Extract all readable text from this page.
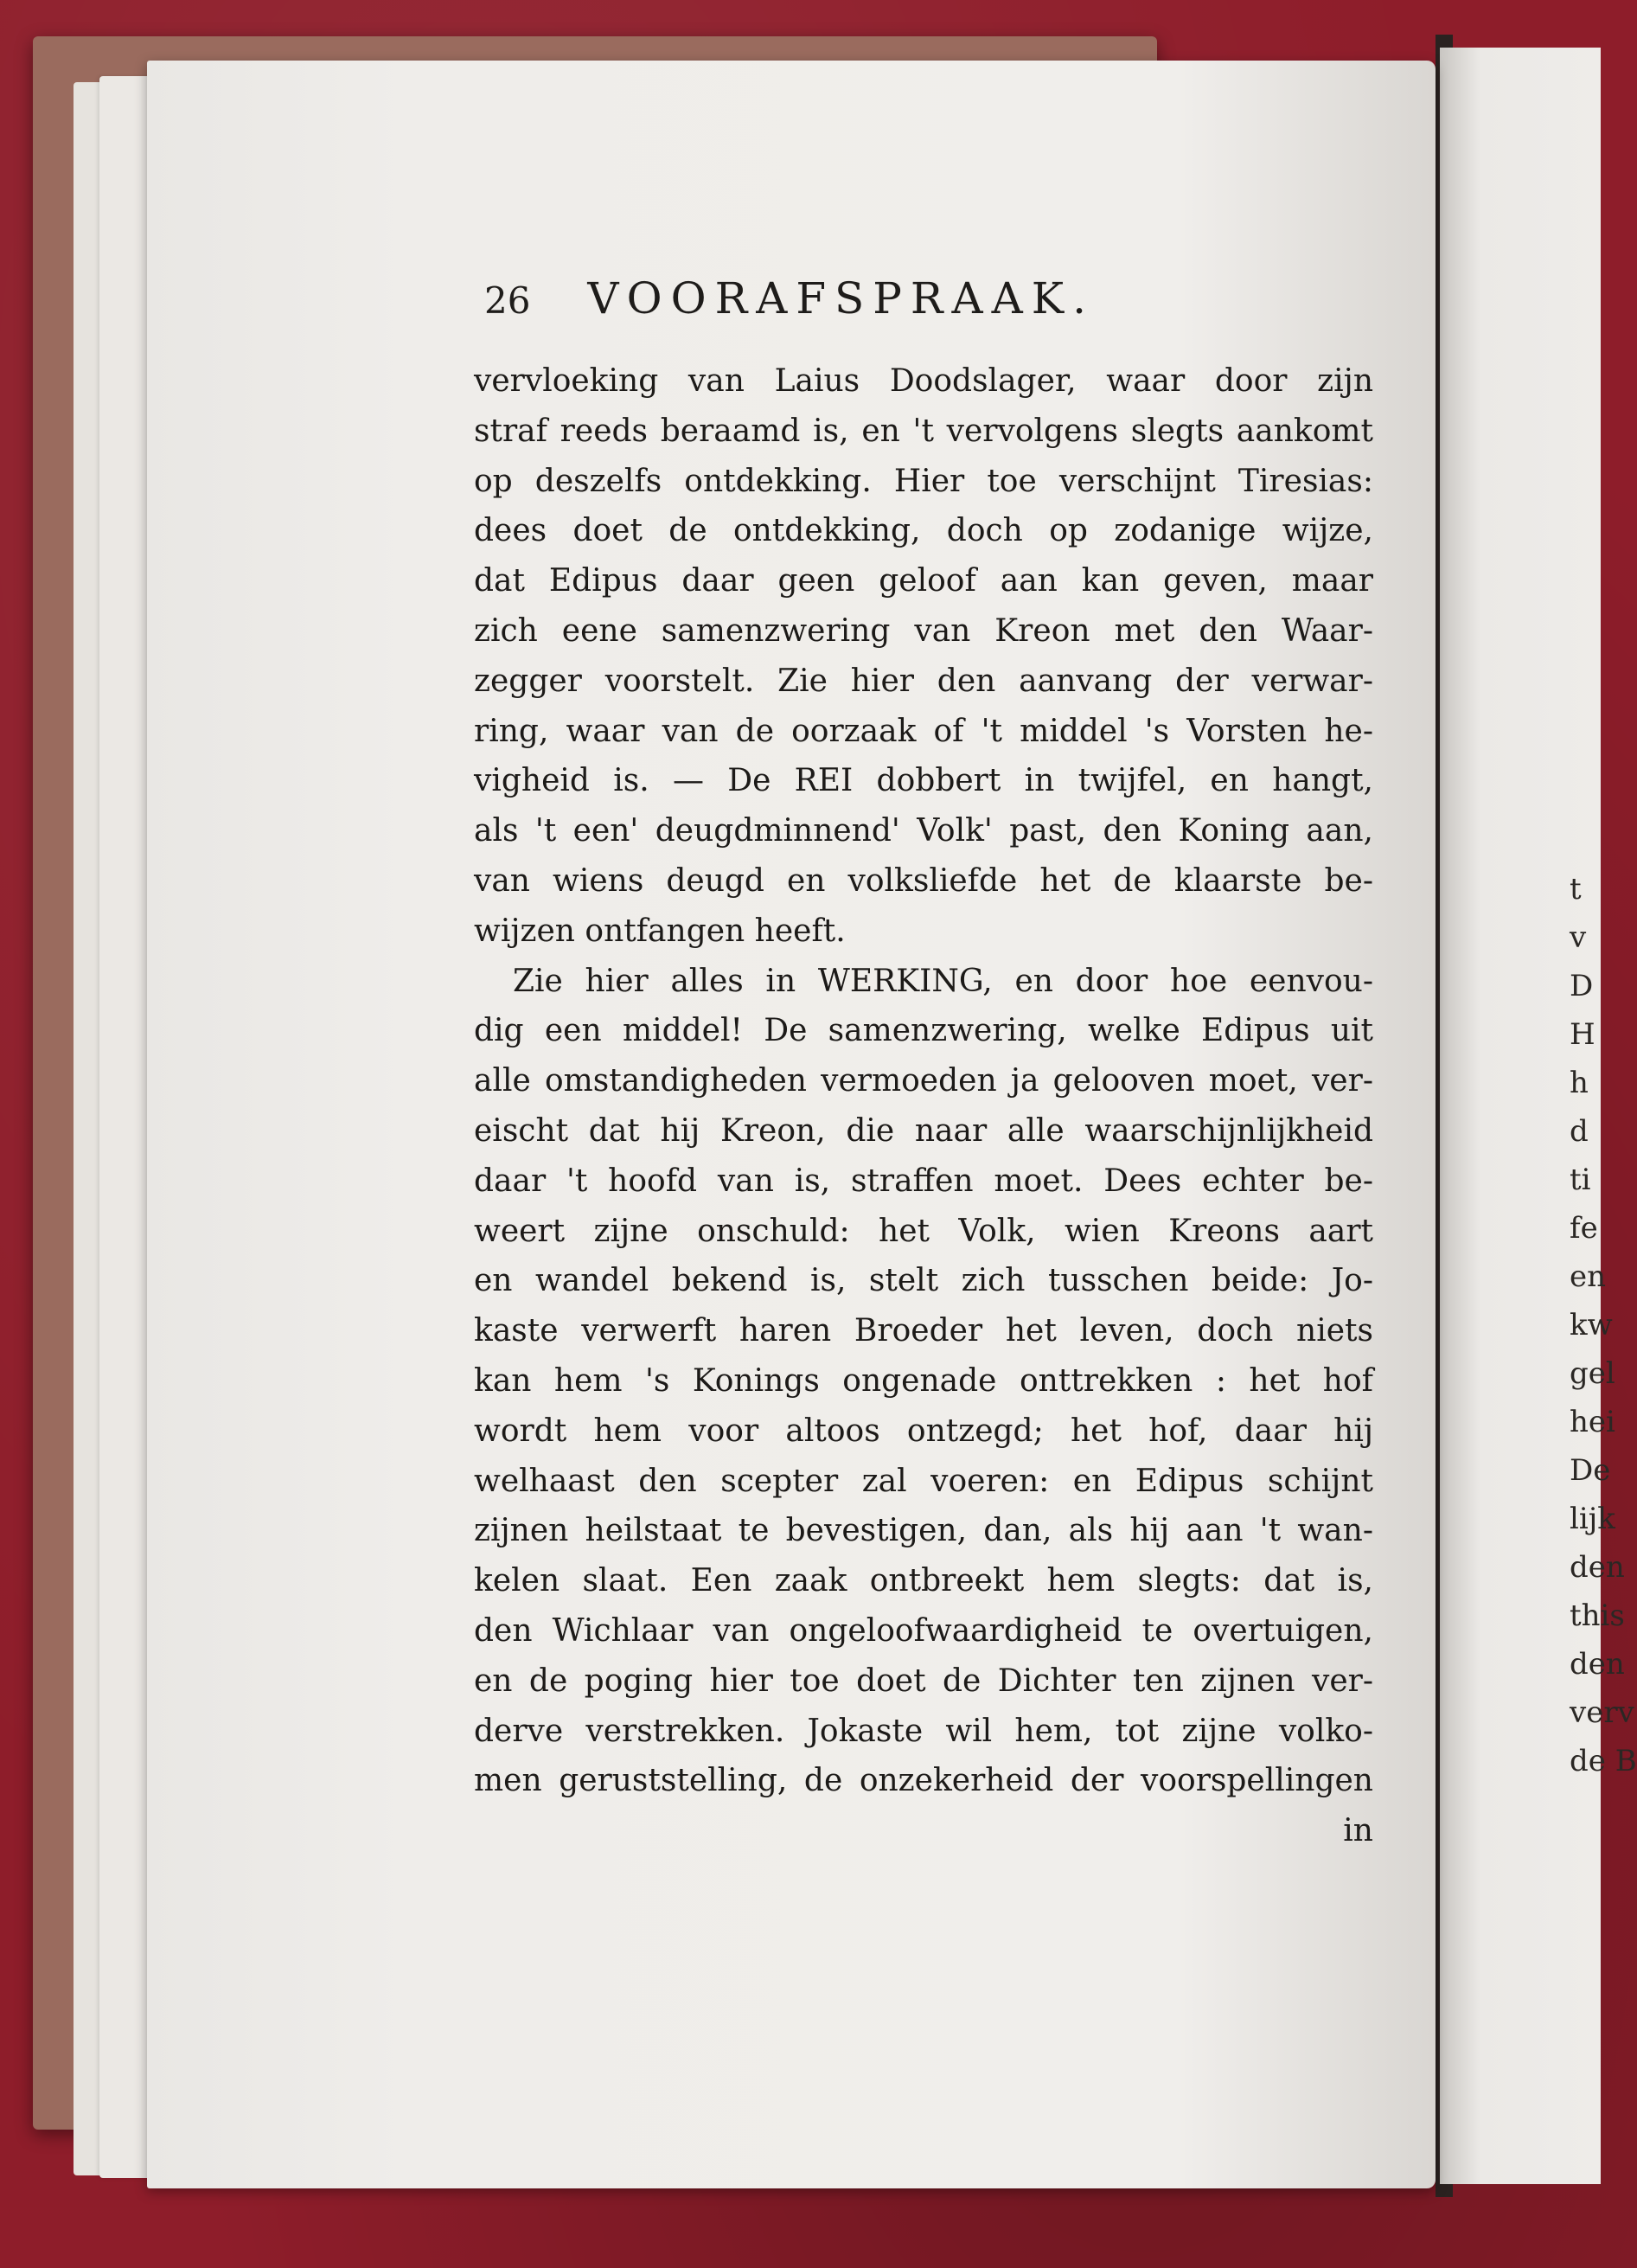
26 VOORAFSPRAAK.
vervloeking van Laius Doodslager, waar door zijn
straf reeds beraamd is, en 't vervolgens slegts aankomt
op deszelfs ontdekking. Hier toe verschijnt Tiresias:
dees doet de ontdekking, doch op zodanige wijze,
dat Edipus daar geen geloof aan kan geven, maar
zich eene samenzwering van Kreon met den Waar-
zegger voorstelt. Zie hier den aanvang der verwar-
ring, waar van de oorzaak of 't middel 's Vorsten he-
vigheid is. — De REI dobbert in twijfel, en hangt,
als 't een' deugdminnend' Volk' past, den Koning aan,
van wiens deugd en volksliefde het de klaarste be-
wijzen ontfangen heeft.
Zie hier alles in WERKING, en door hoe eenvou-
dig een middel! De samenzwering, welke Edipus uit
alle omstandigheden vermoeden ja gelooven moet, ver-
eischt dat hij Kreon, die naar alle waarschijnlijkheid
daar 't hoofd van is, straffen moet. Dees echter be-
weert zijne onschuld: het Volk, wien Kreons aart
en wandel bekend is, stelt zich tusschen beide: Jo-
kaste verwerft haren Broeder het leven, doch niets
kan hem 's Konings ongenade onttrekken : het hof
wordt hem voor altoos ontzegd; het hof, daar hij
welhaast den scepter zal voeren: en Edipus schijnt
zijnen heilstaat te bevestigen, dan, als hij aan 't wan-
kelen slaat. Een zaak ontbreekt hem slegts: dat is,
den Wichlaar van ongeloofwaardigheid te overtuigen,
en de poging hier toe doet de Dichter ten zijnen ver-
derve verstrekken. Jokaste wil hem, tot zijne volko-
men geruststelling, de onzekerheid der voorspellingen
in
t
v
D
H
h
d
ti
fe
en
kw
gel
hei
De
lijk
den
this
den
verv
de B
